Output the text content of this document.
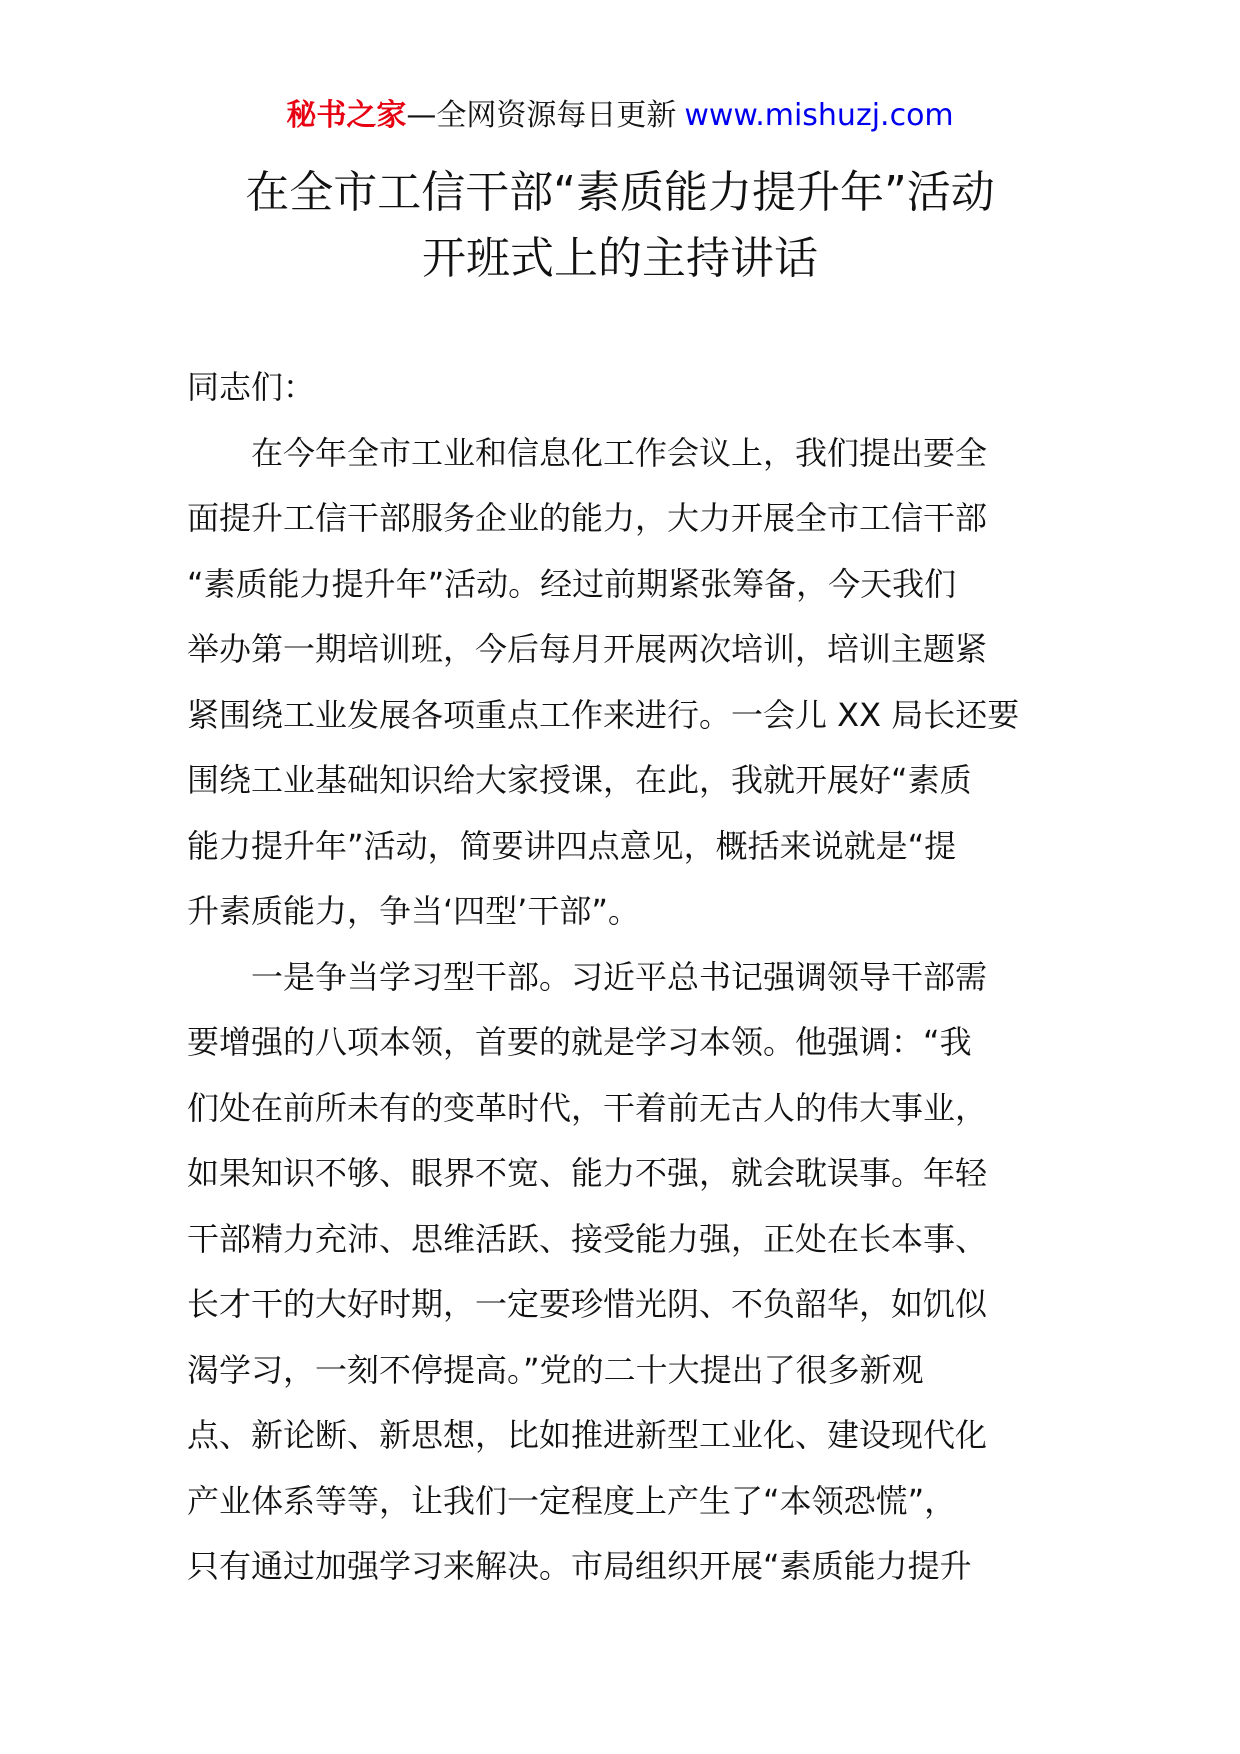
秘书之家—全网资源每日更新 www.mishuzj.com
在全市工信干部“素质能力提升年”活动
开班式上的主持讲话

同志们：

在今年全市工业和信息化工作会议上，我们提出要全
面提升工信干部服务企业的能力，大力开展全市工信干部
“素质能力提升年”活动。经过前期紧张筹备，今天我们
举办第一期培训班，今后每月开展两次培训，培训主题紧
紧围绕工业发展各项重点工作来进行。一会儿 XX 局长还要
围绕工业基础知识给大家授课，在此，我就开展好“素质
能力提升年”活动，简要讲四点意见，概括来说就是“提
升素质能力，争当‘四型’干部”。

一是争当学习型干部。习近平总书记强调领导干部需
要增强的八项本领，首要的就是学习本领。他强调：“我
们处在前所未有的变革时代，干着前无古人的伟大事业，
如果知识不够、眼界不宽、能力不强，就会耽误事。年轻
干部精力充沛、思维活跃、接受能力强，正处在长本事、
长才干的大好时期，一定要珍惜光阴、不负韶华，如饥似
渴学习，一刻不停提高。”党的二十大提出了很多新观
点、新论断、新思想，比如推进新型工业化、建设现代化
产业体系等等，让我们一定程度上产生了“本领恐慌”，
只有通过加强学习来解决。市局组织开展“素质能力提升
